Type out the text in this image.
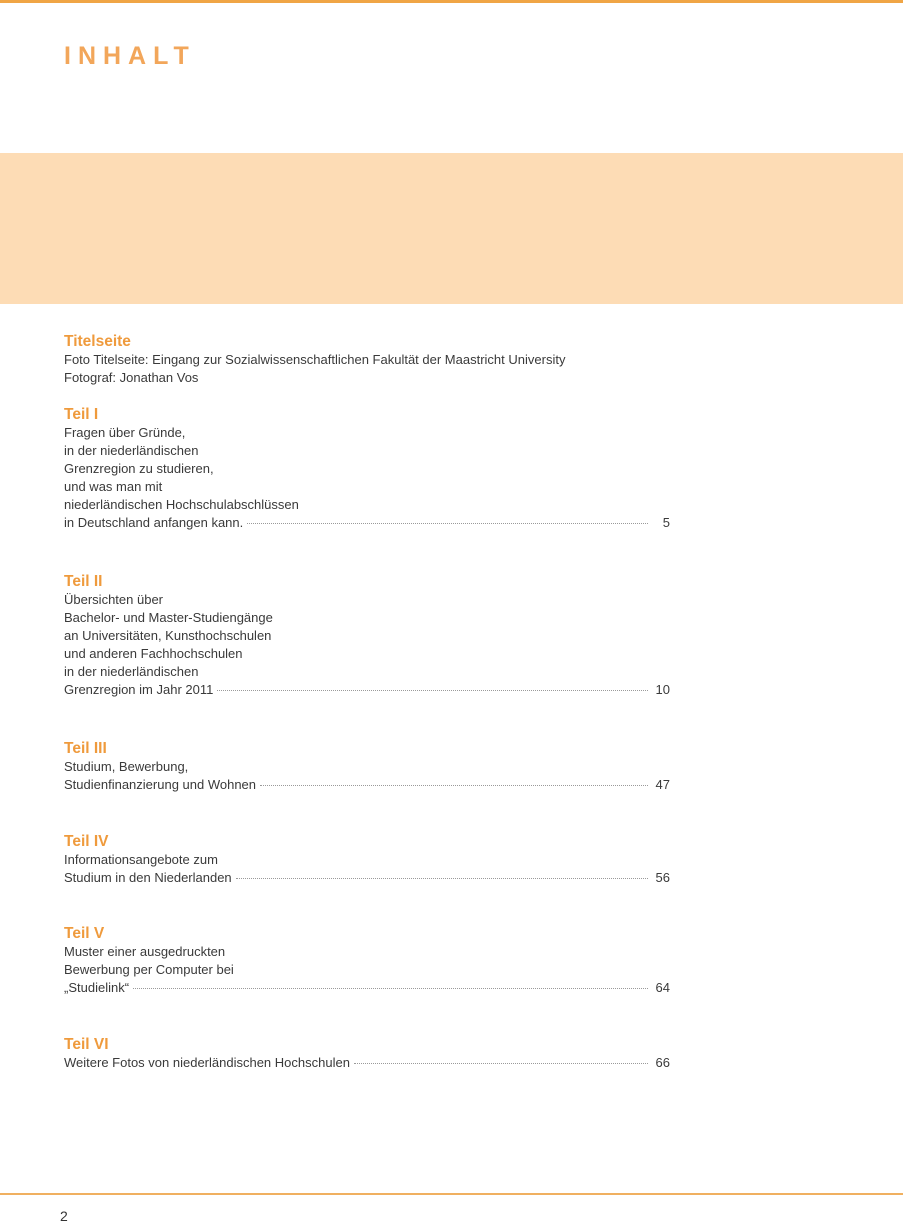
INHALT
Titelseite
Foto Titelseite: Eingang zur Sozialwissenschaftlichen Fakultät der Maastricht University
Fotograf: Jonathan Vos
Teil I
Fragen über Gründe,
in der niederländischen
Grenzregion zu studieren,
und was man mit
niederländischen Hochschulabschlüssen
in Deutschland anfangen kann.	5
Teil II
Übersichten über
Bachelor- und Master-Studiengänge
an Universitäten, Kunsthochschulen
und anderen Fachhochschulen
in der niederländischen
Grenzregion im Jahr 2011	10
Teil III
Studium, Bewerbung,
Studienfinanzierung und Wohnen	47
Teil IV
Informationsangebote zum
Studium in den Niederlanden	56
Teil V
Muster einer ausgedruckten
Bewerbung per Computer bei
„Studielink“	64
Teil VI
Weitere Fotos von niederländischen Hochschulen	66
2
